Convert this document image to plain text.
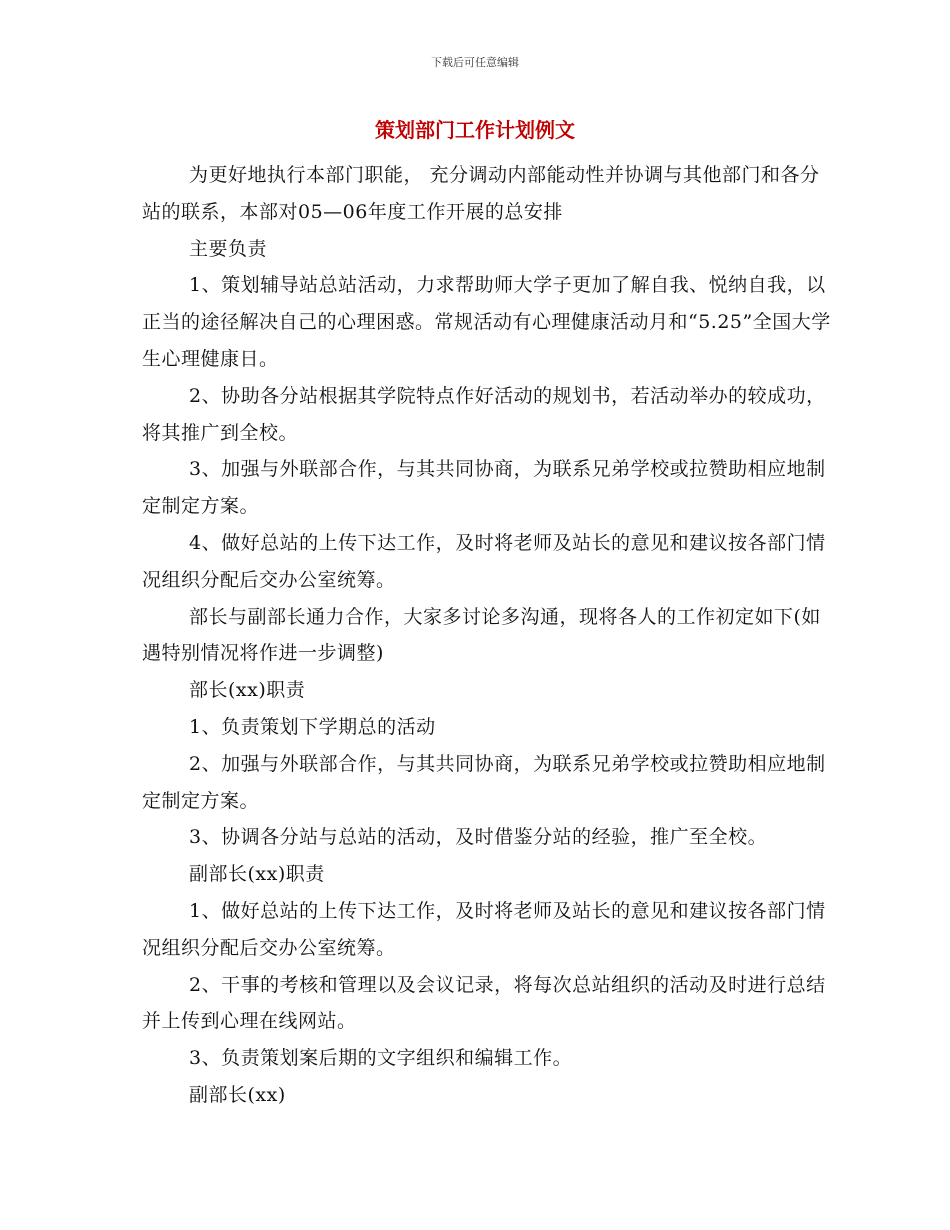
下载后可任意编辑
策划部门工作计划例文

为更好地执行本部门职能， 充分调动内部能动性并协调与其他部门和各分站的联系，本部对05—06年度工作开展的总安排

主要负责

1、策划辅导站总站活动，力求帮助师大学子更加了解自我、悦纳自我，以正当的途径解决自己的心理困惑。常规活动有心理健康活动月和“5.25”全国大学生心理健康日。

2、协助各分站根据其学院特点作好活动的规划书，若活动举办的较成功，将其推广到全校。

3、加强与外联部合作，与其共同协商，为联系兄弟学校或拉赞助相应地制定制定方案。

4、做好总站的上传下达工作，及时将老师及站长的意见和建议按各部门情况组织分配后交办公室统筹。

部长与副部长通力合作，大家多讨论多沟通，现将各人的工作初定如下(如遇特别情况将作进一步调整)

部长(xx)职责

1、负责策划下学期总的活动

2、加强与外联部合作，与其共同协商，为联系兄弟学校或拉赞助相应地制定制定方案。

3、协调各分站与总站的活动，及时借鉴分站的经验，推广至全校。

副部长(xx)职责

1、做好总站的上传下达工作，及时将老师及站长的意见和建议按各部门情况组织分配后交办公室统筹。

2、干事的考核和管理以及会议记录，将每次总站组织的活动及时进行总结并上传到心理在线网站。

3、负责策划案后期的文字组织和编辑工作。

副部长(xx)
